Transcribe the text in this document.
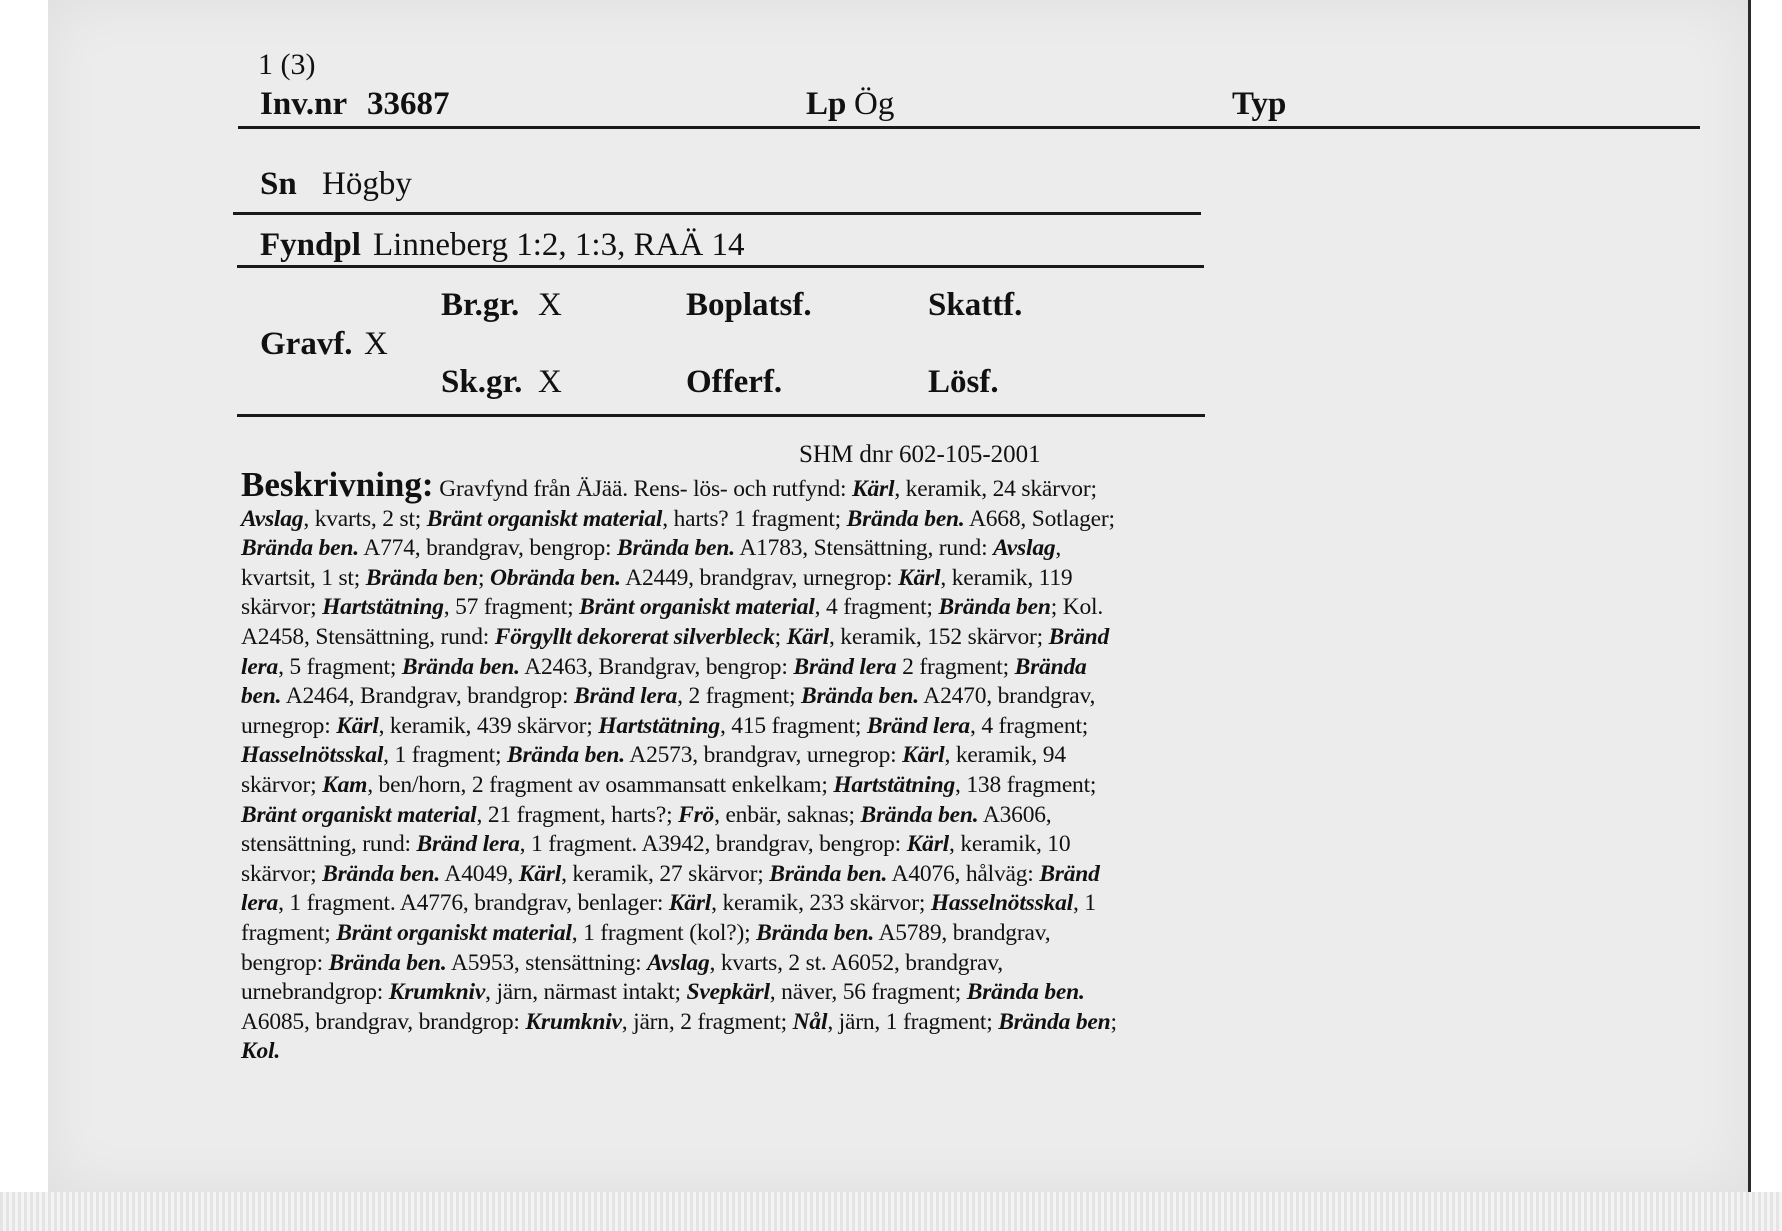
1 (3)
Inv.nr 33687	Lp Ög	Typ
Sn Högby
Fyndpl Linneberg 1:2, 1:3, RAÄ 14
Br.gr. X	Boplatsf.	Skattf.
Gravf. X
Sk.gr. X	Offerf.	Lösf.
SHM dnr 602-105-2001
Beskrivning: Gravfynd från ÄJää. Rens- lös- och rutfynd: Kärl, keramik, 24 skärvor;
Avslag, kvarts, 2 st; Bränt organiskt material, harts? 1 fragment; Brända ben. A668, Sotlager;
Brända ben. A774, brandgrav, bengrop: Brända ben. A1783, Stensättning, rund: Avslag,
kvartsit, 1 st; Brända ben; Obrända ben. A2449, brandgrav, urnegrop: Kärl, keramik, 119
skärvor; Hartstätning, 57 fragment; Bränt organiskt material, 4 fragment; Brända ben; Kol.
A2458, Stensättning, rund: Förgyllt dekorerat silverbleck; Kärl, keramik, 152 skärvor; Bränd
lera, 5 fragment; Brända ben. A2463, Brandgrav, bengrop: Bränd lera 2 fragment; Brända
ben. A2464, Brandgrav, brandgrop: Bränd lera, 2 fragment; Brända ben. A2470, brandgrav,
urnegrop: Kärl, keramik, 439 skärvor; Hartstätning, 415 fragment; Bränd lera, 4 fragment;
Hasselnötsskal, 1 fragment; Brända ben. A2573, brandgrav, urnegrop: Kärl, keramik, 94
skärvor; Kam, ben/horn, 2 fragment av osammansatt enkelkam; Hartstätning, 138 fragment;
Bränt organiskt material, 21 fragment, harts?; Frö, enbär, saknas; Brända ben. A3606,
stensättning, rund: Bränd lera, 1 fragment. A3942, brandgrav, bengrop: Kärl, keramik, 10
skärvor; Brända ben. A4049, Kärl, keramik, 27 skärvor; Brända ben. A4076, hålväg: Bränd
lera, 1 fragment. A4776, brandgrav, benlager: Kärl, keramik, 233 skärvor; Hasselnötsskal, 1
fragment; Bränt organiskt material, 1 fragment (kol?); Brända ben. A5789, brandgrav,
bengrop: Brända ben. A5953, stensättning: Avslag, kvarts, 2 st. A6052, brandgrav,
urnebrandgrop: Krumkniv, järn, närmast intakt; Svepkärl, näver, 56 fragment; Brända ben.
A6085, brandgrav, brandgrop: Krumkniv, järn, 2 fragment; Nål, järn, 1 fragment; Brända ben;
Kol.
